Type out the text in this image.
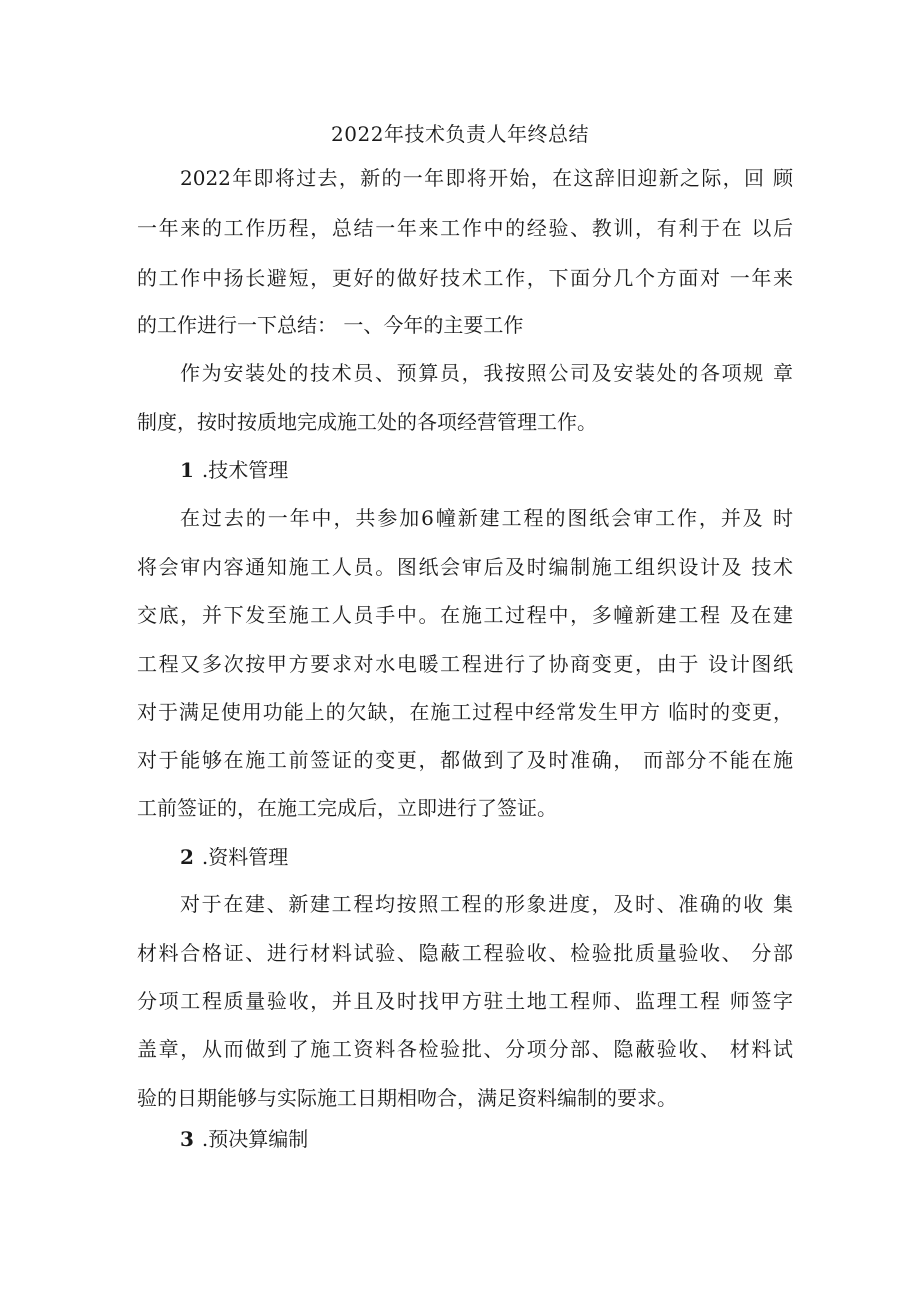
2022年技术负责人年终总结
2022年即将过去，新的一年即将开始，在这辞旧迎新之际，回 顾
一年来的工作历程，总结一年来工作中的经验、教训，有利于在 以后
的工作中扬长避短，更好的做好技术工作，下面分几个方面对 一年来
的工作进行一下总结： 一、今年的主要工作
作为安装处的技术员、预算员，我按照公司及安装处的各项规 章
制度，按时按质地完成施工处的各项经营管理工作。
1 .技术管理
在过去的一年中，共参加6幢新建工程的图纸会审工作，并及 时
将会审内容通知施工人员。图纸会审后及时编制施工组织设计及 技术
交底，并下发至施工人员手中。在施工过程中，多幢新建工程 及在建
工程又多次按甲方要求对水电暖工程进行了协商变更，由于 设计图纸
对于满足使用功能上的欠缺，在施工过程中经常发生甲方 临时的变更，
对于能够在施工前签证的变更，都做到了及时准确， 而部分不能在施
工前签证的，在施工完成后，立即进行了签证。
2 .资料管理
对于在建、新建工程均按照工程的形象进度，及时、准确的收 集
材料合格证、进行材料试验、隐蔽工程验收、检验批质量验收、 分部
分项工程质量验收，并且及时找甲方驻土地工程师、监理工程 师签字
盖章，从而做到了施工资料各检验批、分项分部、隐蔽验收、 材料试
验的日期能够与实际施工日期相吻合，满足资料编制的要求。
3 .预决算编制
